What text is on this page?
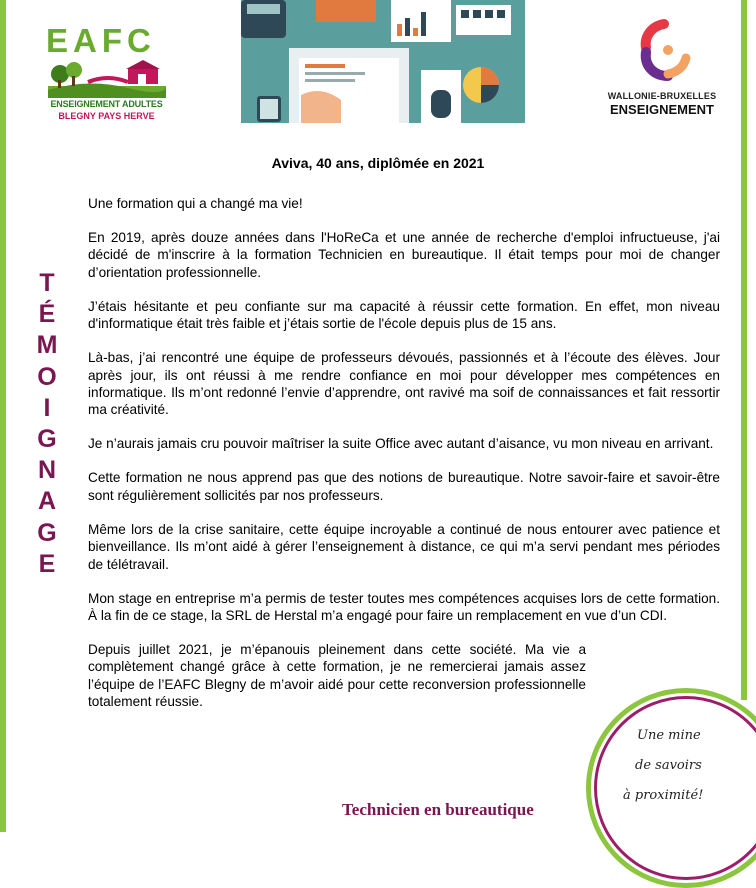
EAFC
ENSEIGNEMENT ADULTES
BLEGNY PAYS HERVE
WALLONIE-BRUXELLES
ENSEIGNEMENT
Aviva, 40 ans, diplômée en 2021
T
É
M
O
I
G
N
A
G
E

Une formation qui a changé ma vie!

En 2019, après douze années dans l'HoReCa et une année de recherche d'emploi infructueuse, j'ai décidé de m'inscrire à la formation Technicien en bureautique. Il était temps pour moi de changer d’orientation professionnelle.

J’étais hésitante et peu confiante sur ma capacité à réussir cette formation. En effet, mon niveau d'informatique était très faible et j’étais sortie de l'école depuis plus de 15 ans.

Là-bas, j’ai rencontré une équipe de professeurs dévoués, passionnés et à l’écoute des élèves. Jour après jour, ils ont réussi à me rendre confiance en moi pour développer mes compétences en informatique. Ils m’ont redonné l’envie d’apprendre, ont ravivé ma soif de connaissances et fait ressortir ma créativité.

Je n’aurais jamais cru pouvoir maîtriser la suite Office avec autant d’aisance, vu mon niveau en arrivant.

Cette formation ne nous apprend pas que des notions de bureautique. Notre savoir-faire et savoir-être sont régulièrement sollicités par nos professeurs.

Même lors de la crise sanitaire, cette équipe incroyable a continué de nous entourer avec patience et bienveillance. Ils m’ont aidé à gérer l’enseignement à distance, ce qui m’a servi pendant mes périodes de télétravail.

Mon stage en entreprise m’a permis de tester toutes mes compétences acquises lors de cette formation. À la fin de ce stage, la SRL de Herstal m’a engagé pour faire un remplacement en vue d’un CDI.

Depuis juillet 2021, je m’épanouis pleinement dans cette société. Ma vie a complètement changé grâce à cette formation, je ne remercierai jamais assez l’équipe de l’EAFC Blegny de m’avoir aidé pour cette reconversion professionnelle totalement réussie.

Une mine
de savoirs
à proximité!
Technicien en bureautique
